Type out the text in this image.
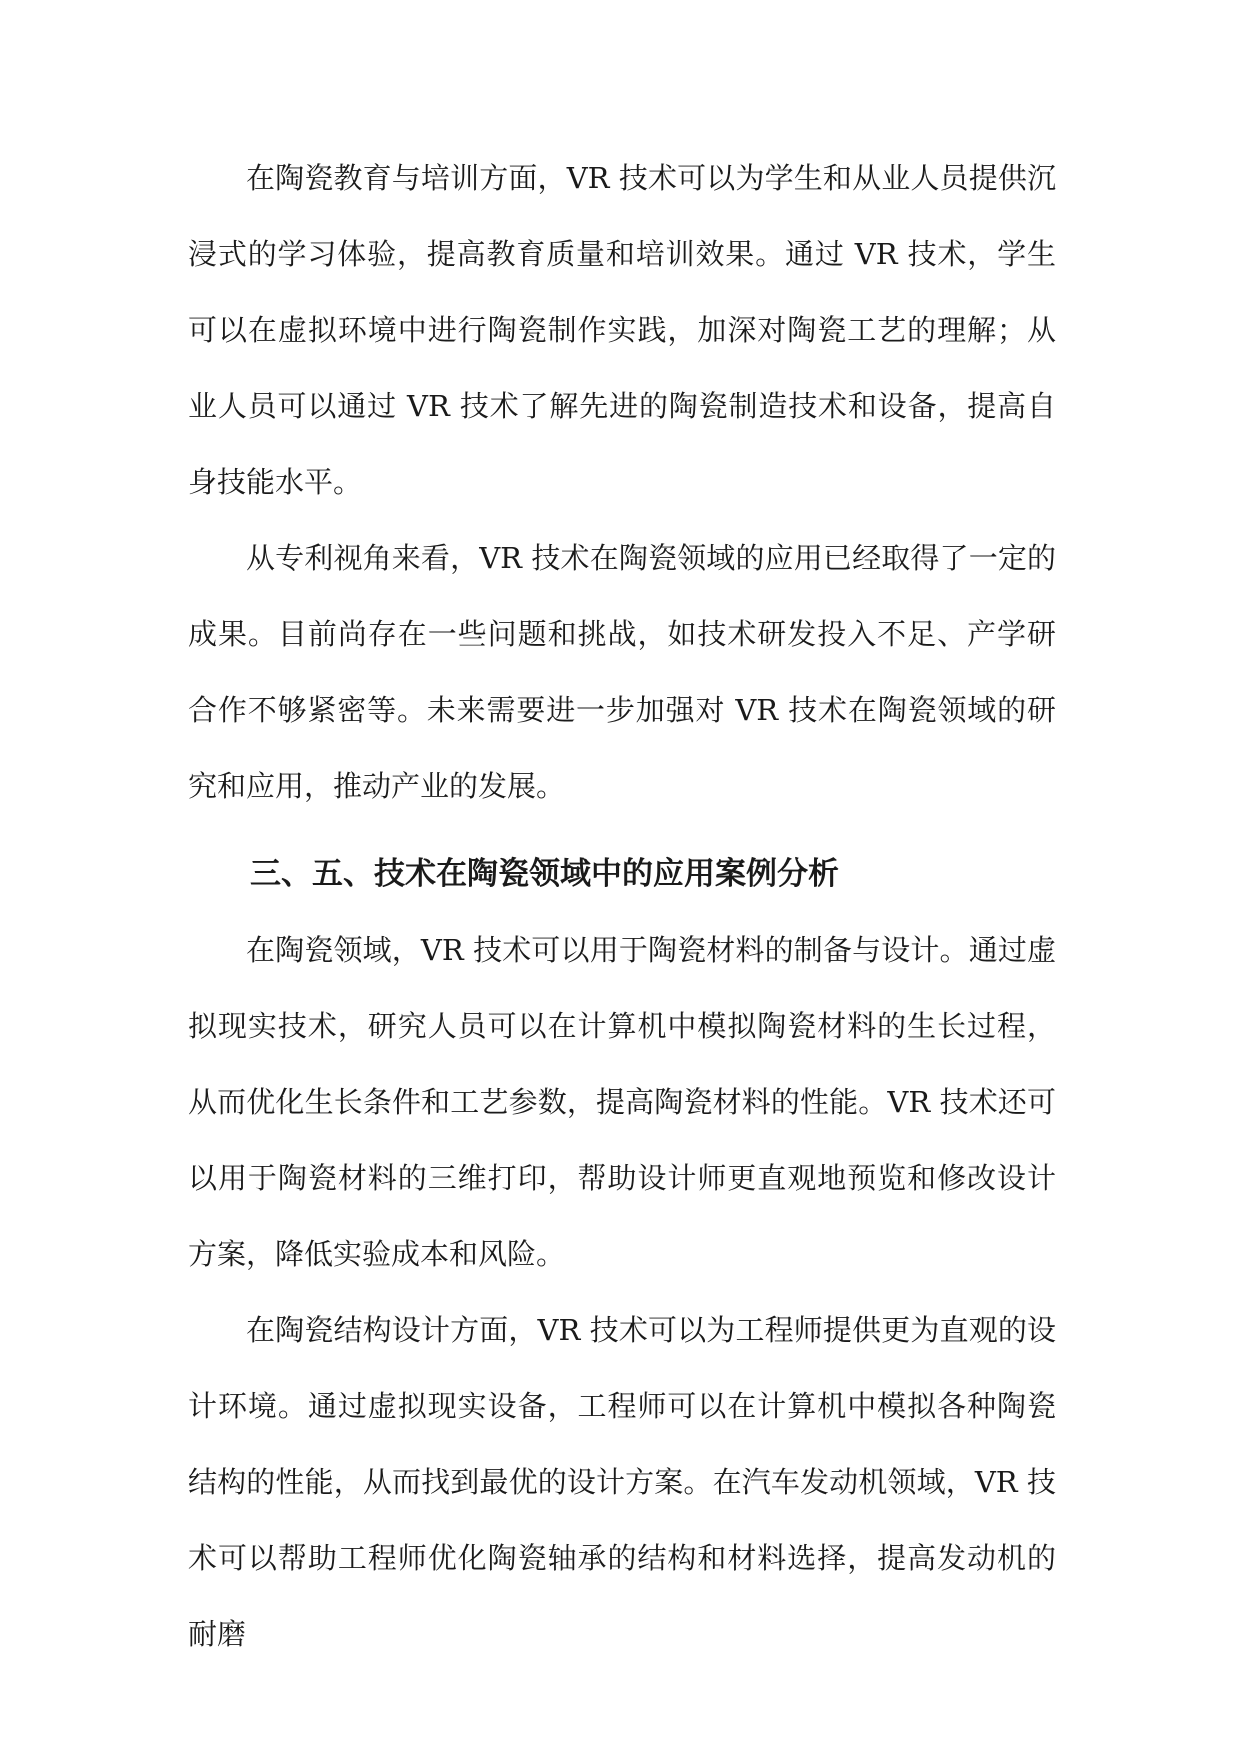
在陶瓷教育与培训方面，VR 技术可以为学生和从业人员提供沉浸式的学习体验，提高教育质量和培训效果。通过 VR 技术，学生可以在虚拟环境中进行陶瓷制作实践，加深对陶瓷工艺的理解；从业人员可以通过 VR 技术了解先进的陶瓷制造技术和设备，提高自身技能水平。

从专利视角来看，VR 技术在陶瓷领域的应用已经取得了一定的成果。目前尚存在一些问题和挑战，如技术研发投入不足、产学研合作不够紧密等。未来需要进一步加强对 VR 技术在陶瓷领域的研究和应用，推动产业的发展。

三、五、技术在陶瓷领域中的应用案例分析

在陶瓷领域，VR 技术可以用于陶瓷材料的制备与设计。通过虚拟现实技术，研究人员可以在计算机中模拟陶瓷材料的生长过程，从而优化生长条件和工艺参数，提高陶瓷材料的性能。VR 技术还可以用于陶瓷材料的三维打印，帮助设计师更直观地预览和修改设计方案，降低实验成本和风险。

在陶瓷结构设计方面，VR 技术可以为工程师提供更为直观的设计环境。通过虚拟现实设备，工程师可以在计算机中模拟各种陶瓷结构的性能，从而找到最优的设计方案。在汽车发动机领域，VR 技术可以帮助工程师优化陶瓷轴承的结构和材料选择，提高发动机的耐磨
